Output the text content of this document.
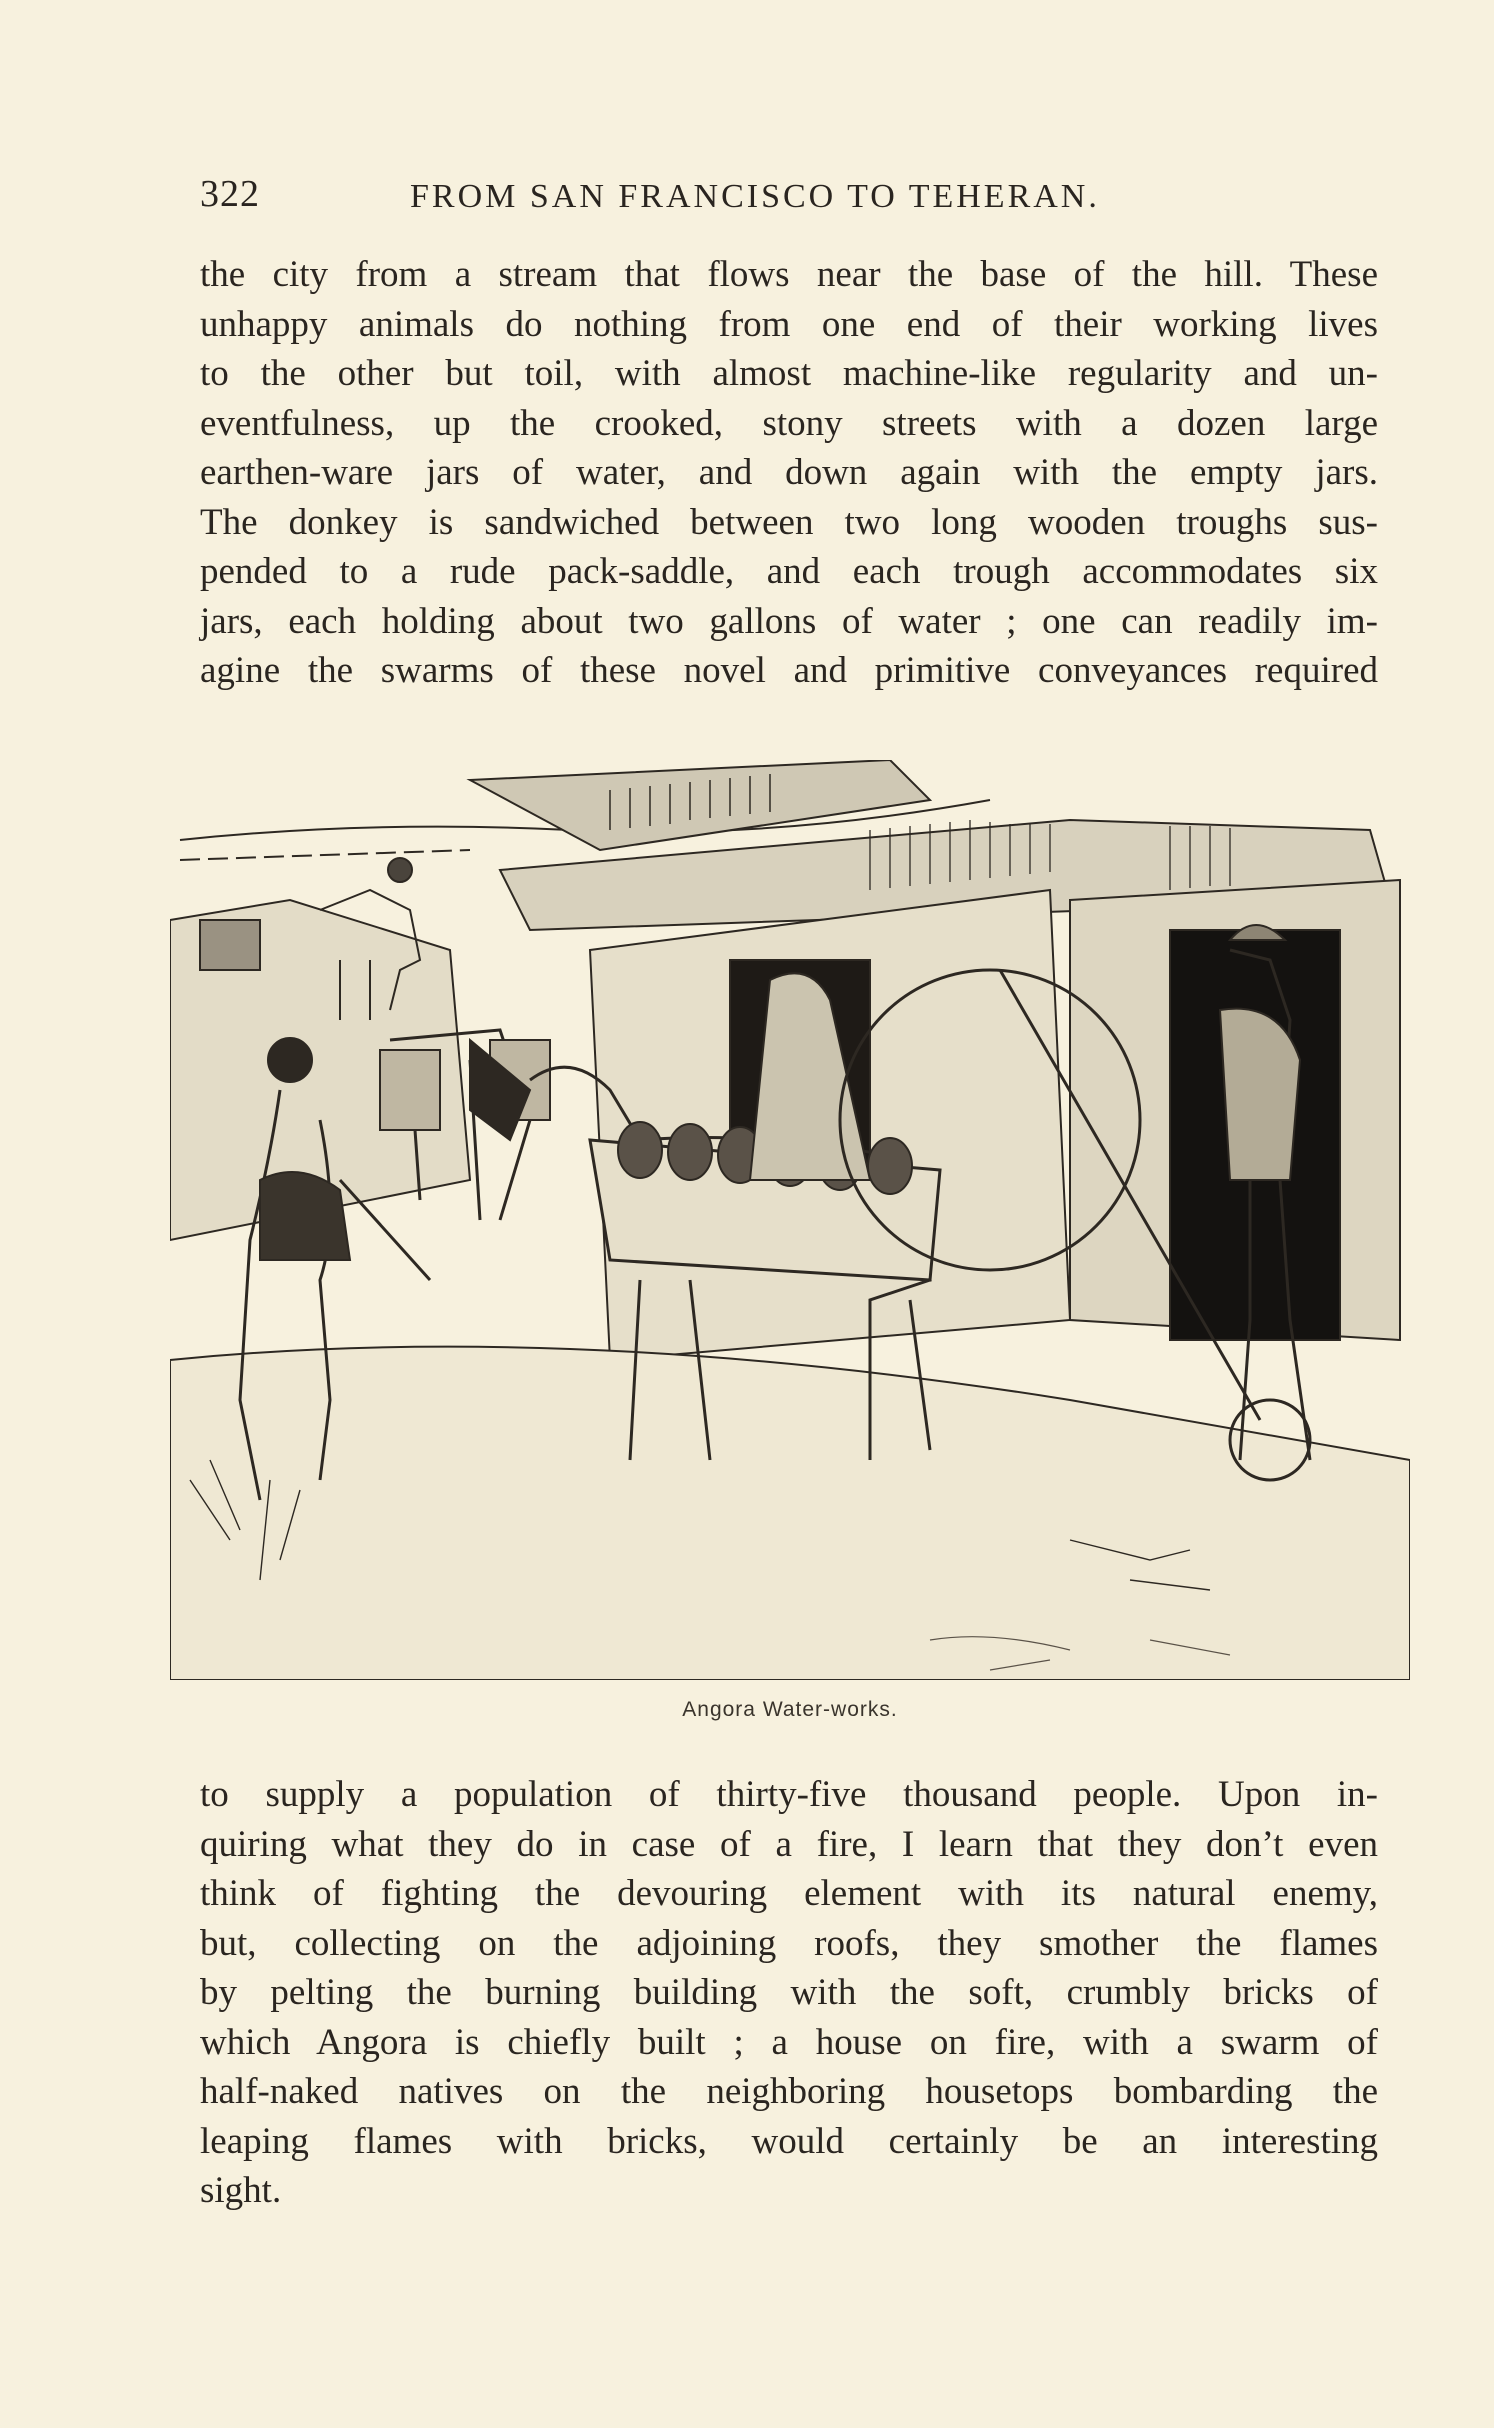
322	FROM SAN FRANCISCO TO TEHERAN.
the city from a stream that flows near the base of the hill. These
unhappy animals do nothing from one end of their working lives
to the other but toil, with almost machine-like regularity and un-
eventfulness, up the crooked, stony streets with a dozen large
earthen-ware jars of water, and down again with the empty jars.
The donkey is sandwiched between two long wooden troughs sus-
pended to a rude pack-saddle, and each trough accommodates six
jars, each holding about two gallons of water ; one can readily im-
agine the swarms of these novel and primitive conveyances required
Angora Water-works.
to supply a population of thirty-five thousand people. Upon in-
quiring what they do in case of a fire, I learn that they don’t even
think of fighting the devouring element with its natural enemy,
but, collecting on the adjoining roofs, they smother the flames
by pelting the burning building with the soft, crumbly bricks of
which Angora is chiefly built ; a house on fire, with a swarm of
half-naked natives on the neighboring housetops bombarding the
leaping flames with bricks, would certainly be an interesting
sight.
